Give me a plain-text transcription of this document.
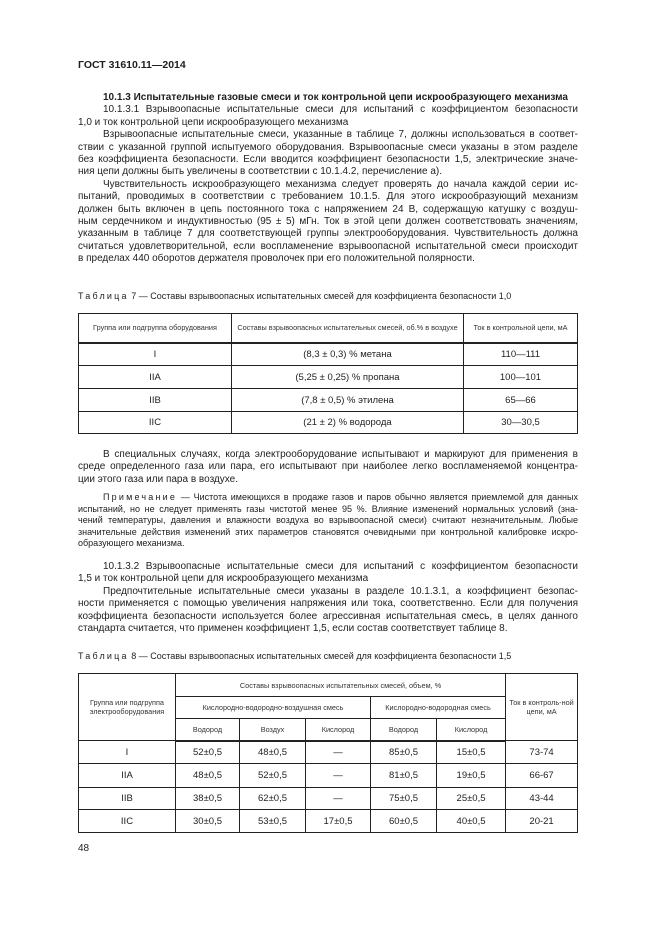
ГОСТ 31610.11—2014
10.1.3 Испытательные газовые смеси и ток контрольной цепи искрообразующего механизма
10.1.3.1 Взрывоопасные испытательные смеси для испытаний с коэффициентом безопасности
1,0 и ток контрольной цепи искрообразующего механизма
Взрывоопасные испытательные смеси, указанные в таблице 7, должны использоваться в соответ-
ствии с указанной группой испытуемого оборудования. Взрывоопасные смеси указаны в этом разделе
без коэффициента безопасности. Если вводится коэффициент безопасности 1,5, электрические значе-
ния цепи должны быть увеличены в соответствии с 10.1.4.2, перечисление а).
Чувствительность искрообразующего механизма следует проверять до начала каждой серии ис-
пытаний, проводимых в соответствии с требованием 10.1.5. Для этого искрообразующий механизм
должен быть включен в цепь постоянного тока с напряжением 24 В, содержащую катушку с воздуш-
ным сердечником и индуктивностью (95 ± 5) мГн. Ток в этой цепи должен соответствовать значениям,
указанным в таблице 7 для соответствующей группы электрооборудования. Чувствительность должна
считаться удовлетворительной, если воспламенение взрывоопасной испытательной смеси происходит
в пределах 440 оборотов держателя проволочек при его положительной полярности.
Таблица 7 — Составы взрывоопасных испытательных смесей для коэффициента безопасности 1,0
Группа или подгруппа оборудования	Составы взрывоопасных испытательных смесей, об.% в воздухе	Ток в контрольной цепи, мА
I	(8,3 ± 0,3) % метана	110—111
IIA	(5,25 ± 0,25) % пропана	100—101
IIB	(7,8 ± 0,5) % этилена	65—66
IIC	(21 ± 2) % водорода	30—30,5
В специальных случаях, когда электрооборудование испытывают и маркируют для применения в
среде определенного газа или пара, его испытывают при наиболее легко воспламеняемой концентра-
ции этого газа или пара в воздухе.
Примечание — Чистота имеющихся в продаже газов и паров обычно является приемлемой для данных
испытаний, но не следует применять газы чистотой менее 95 %. Влияние изменений нормальных условий (зна-
чений температуры, давления и влажности воздуха во взрывоопасной смеси) считают незначительным. Любые
значительные действия изменений этих параметров становятся очевидными при контрольной калибровке искро-
образующего механизма.
10.1.3.2 Взрывоопасные испытательные смеси для испытаний с коэффициентом безопасности
1,5 и ток контрольной цепи для искрообразующего механизма
Предпочтительные испытательные смеси указаны в разделе 10.1.3.1, а коэффициент безопас-
ности применяется с помощью увеличения напряжения или тока, соответственно. Если для получения
коэффициента безопасности используется более агрессивная испытательная смесь, в целях данного
стандарта считается, что применен коэффициент 1,5, если состав соответствует таблице 8.
Таблица 8 — Составы взрывоопасных испытательных смесей для коэффициента безопасности 1,5
Группа или подгруппа электрооборудования	Составы взрывоопасных испытательных смесей, объем, %					Ток в контроль-ной цепи, мА
	Кислородно-водородно-воздушная смесь			Кислородно-водородная смесь		
	Водород	Воздух	Кислород	Водород	Кислород	
I	52±0,5	48±0,5	—	85±0,5	15±0,5	73-74
IIA	48±0,5	52±0,5	—	81±0,5	19±0,5	66-67
IIB	38±0,5	62±0,5	—	75±0,5	25±0,5	43-44
IIC	30±0,5	53±0,5	17±0,5	60±0,5	40±0,5	20-21
48
